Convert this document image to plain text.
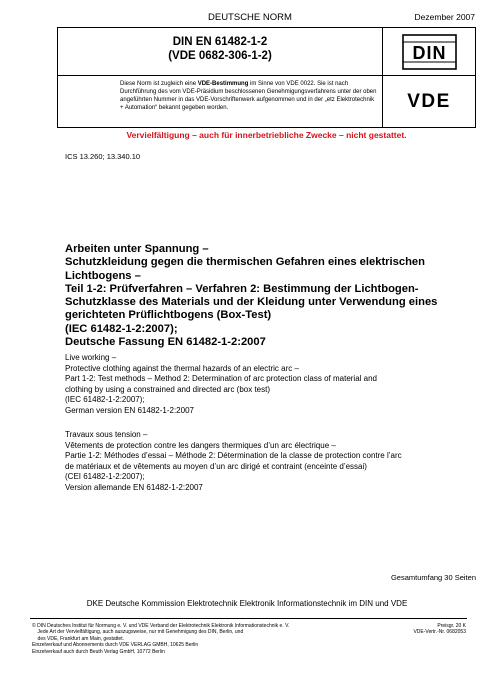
DEUTSCHE NORM	Dezember 2007
DIN EN 61482-1-2
(VDE 0682-306-1-2)	DIN
Diese Norm ist zugleich eine VDE-Bestimmung im Sinne von VDE 0022. Sie ist nach Durchführung des vom VDE-Präsidium beschlossenen Genehmigungsverfahrens unter der oben angeführten Nummer in das VDE-Vorschriftenwerk aufgenommen und in der „etz Elektrotechnik + Automation“ bekannt gegeben worden.	VDE
Vervielfältigung – auch für innerbetriebliche Zwecke – nicht gestattet.
ICS 13.260; 13.340.10
Arbeiten unter Spannung –
Schutzkleidung gegen die thermischen Gefahren eines elektrischen
Lichtbogens –
Teil 1-2: Prüfverfahren – Verfahren 2: Bestimmung der Lichtbogen-
Schutzklasse des Materials und der Kleidung unter Verwendung eines
gerichteten Prüflichtbogens (Box-Test)
(IEC 61482-1-2:2007);
Deutsche Fassung EN 61482-1-2:2007
Live working –
Protective clothing against the thermal hazards of an electric arc –
Part 1-2: Test methods – Method 2: Determination of arc protection class of material and
clothing by using a constrained and directed arc (box test)
(IEC 61482-1-2:2007);
German version EN 61482-1-2:2007
Travaux sous tension –
Vêtements de protection contre les dangers thermiques d’un arc électrique –
Partie 1-2: Méthodes d’essai – Méthode 2: Détermination de la classe de protection contre l’arc
de matériaux et de vêtements au moyen d’un arc dirigé et contraint (enceinte d’essai)
(CEI 61482-1-2:2007);
Version allemande EN 61482-1-2:2007
Gesamtumfang 30 Seiten
DKE Deutsche Kommission Elektrotechnik Elektronik Informationstechnik im DIN und VDE
© DIN Deutsches Institut für Normung e. V. und VDE Verband der Elektrotechnik Elektronik Informationstechnik e. V.
Jede Art der Vervielfältigung, auch auszugsweise, nur mit Genehmigung des DIN, Berlin, und
des VDE, Frankfurt am Main, gestattet.
Einzelverkauf und Abonnements durch VDE VERLAG GMBH, 10625 Berlin
Einzelverkauf auch durch Beuth Verlag GmbH, 10772 Berlin
Preisgr. 20 K
VDE-Vertr.-Nr. 0682053
